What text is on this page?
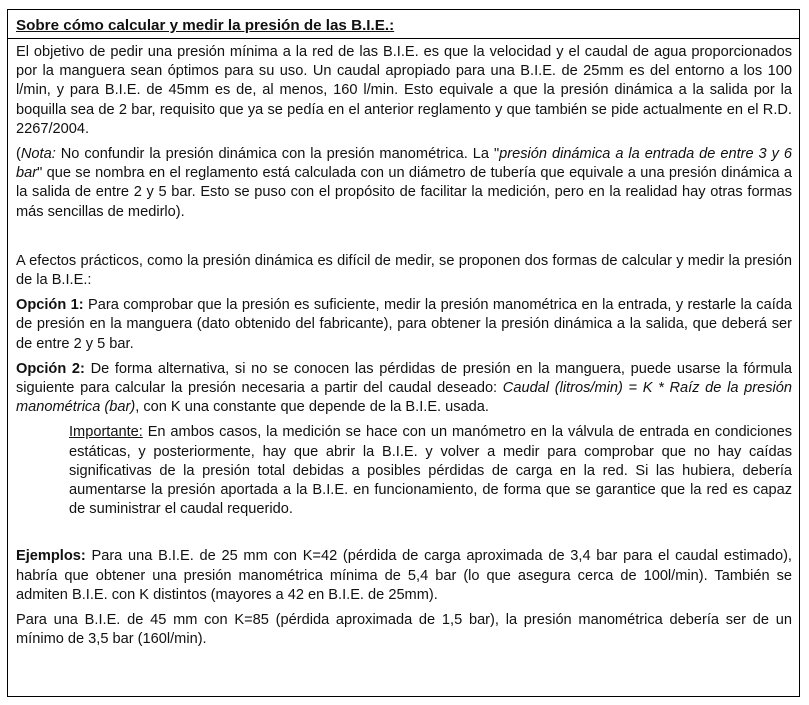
Sobre cómo calcular y medir la presión de las B.I.E.:

El objetivo de pedir una presión mínima a la red de las B.I.E. es que la velocidad y el caudal de agua proporcionados por la manguera sean óptimos para su uso. Un caudal apropiado para una B.I.E. de 25mm es del entorno a los 100 l/min, y para B.I.E. de 45mm es de, al menos, 160 l/min. Esto equivale a que la presión dinámica a la salida por la boquilla sea de 2 bar, requisito que ya se pedía en el anterior reglamento y que también se pide actualmente en el R.D. 2267/2004.

(Nota: No confundir la presión dinámica con la presión manométrica. La "presión dinámica a la entrada de entre 3 y 6 bar" que se nombra en el reglamento está calculada con un diámetro de tubería que equivale a una presión dinámica a la salida de entre 2 y 5 bar. Esto se puso con el propósito de facilitar la medición, pero en la realidad hay otras formas más sencillas de medirlo).

A efectos prácticos, como la presión dinámica es difícil de medir, se proponen dos formas de calcular y medir la presión de la B.I.E.:

Opción 1: Para comprobar que la presión es suficiente, medir la presión manométrica en la entrada, y restarle la caída de presión en la manguera (dato obtenido del fabricante), para obtener la presión dinámica a la salida, que deberá ser de entre 2 y 5 bar.

Opción 2: De forma alternativa, si no se conocen las pérdidas de presión en la manguera, puede usarse la fórmula siguiente para calcular la presión necesaria a partir del caudal deseado: Caudal (litros/min) = K * Raíz de la presión manométrica (bar), con K una constante que depende de la B.I.E. usada.

Importante: En ambos casos, la medición se hace con un manómetro en la válvula de entrada en condiciones estáticas, y posteriormente, hay que abrir la B.I.E. y volver a medir para comprobar que no hay caídas significativas de la presión total debidas a posibles pérdidas de carga en la red. Si las hubiera, debería aumentarse la presión aportada a la B.I.E. en funcionamiento, de forma que se garantice que la red es capaz de suministrar el caudal requerido.

Ejemplos: Para una B.I.E. de 25 mm con K=42 (pérdida de carga aproximada de 3,4 bar para el caudal estimado), habría que obtener una presión manométrica mínima de 5,4 bar (lo que asegura cerca de 100l/min). También se admiten B.I.E. con K distintos (mayores a 42 en B.I.E. de 25mm).

Para una B.I.E. de 45 mm con K=85 (pérdida aproximada de 1,5 bar), la presión manométrica debería ser de un mínimo de 3,5 bar (160l/min).
